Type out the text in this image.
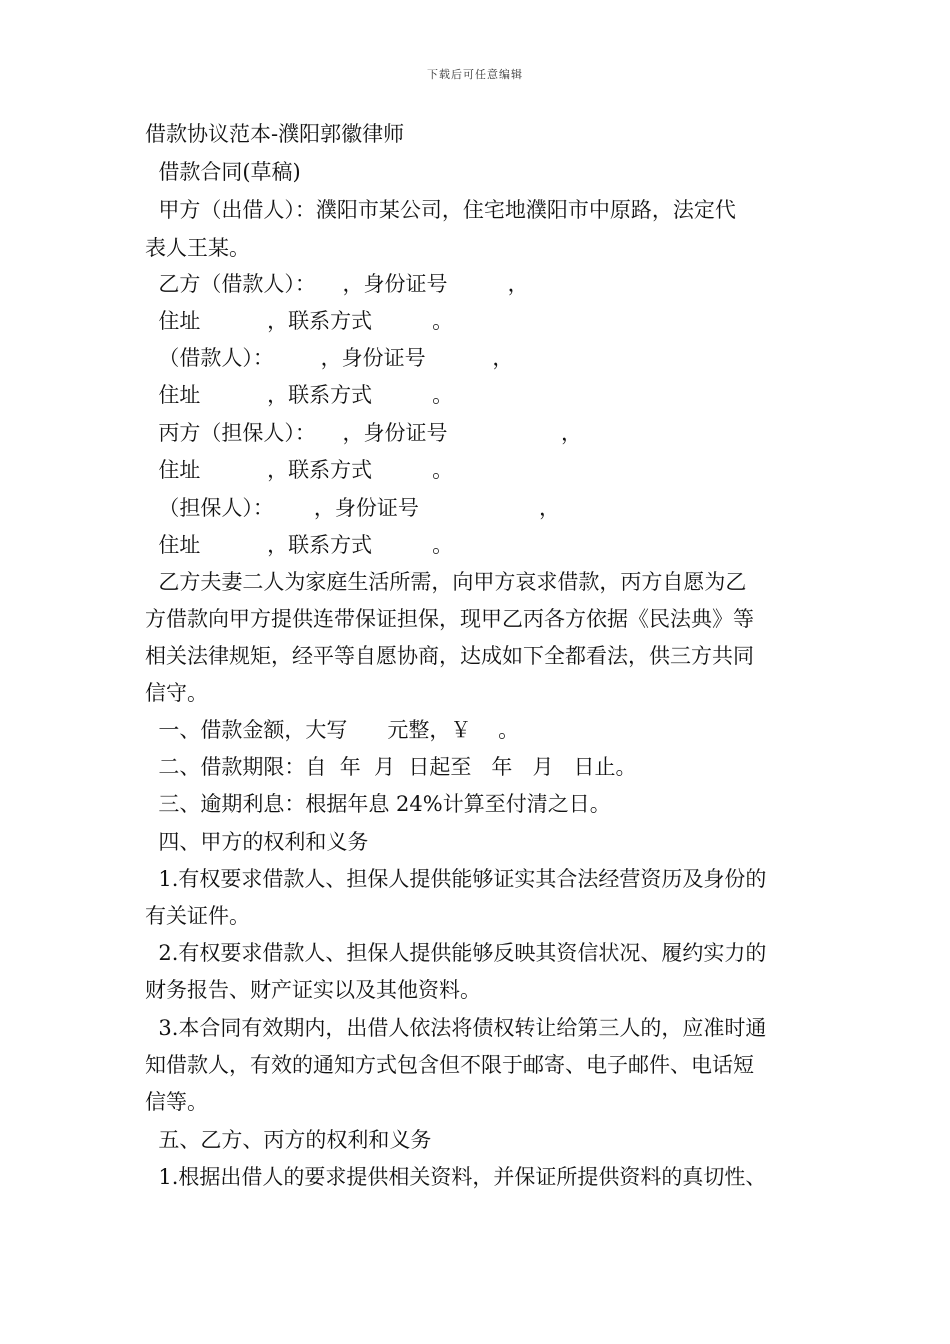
下载后可任意编辑
借款协议范本-濮阳郭徽律师
借款合同(草稿)
甲方（出借人）：濮阳市某公司，住宅地濮阳市中原路，法定代
表人王某。
乙方（借款人）：    ，身份证号         ，
住址          ，联系方式         。
（借款人）：       ，身份证号          ，
住址          ，联系方式         。
丙方（担保人）：    ，身份证号                 ，
住址          ，联系方式         。
（担保人）：      ，身份证号                  ，
住址          ，联系方式         。
乙方夫妻二人为家庭生活所需，向甲方哀求借款，丙方自愿为乙
方借款向甲方提供连带保证担保，现甲乙丙各方依据《民法典》等
相关法律规矩，经平等自愿协商，达成如下全都看法，供三方共同
信守。
一、借款金额，大写      元整，￥    。
二、借款期限：自  年  月  日起至   年   月   日止。
三、逾期利息：根据年息 24%计算至付清之日。
四、甲方的权利和义务
1.有权要求借款人、担保人提供能够证实其合法经营资历及身份的
有关证件。
2.有权要求借款人、担保人提供能够反映其资信状况、履约实力的
财务报告、财产证实以及其他资料。
3.本合同有效期内，出借人依法将债权转让给第三人的，应准时通
知借款人，有效的通知方式包含但不限于邮寄、电子邮件、电话短
信等。
五、乙方、丙方的权利和义务
1.根据出借人的要求提供相关资料，并保证所提供资料的真切性、
